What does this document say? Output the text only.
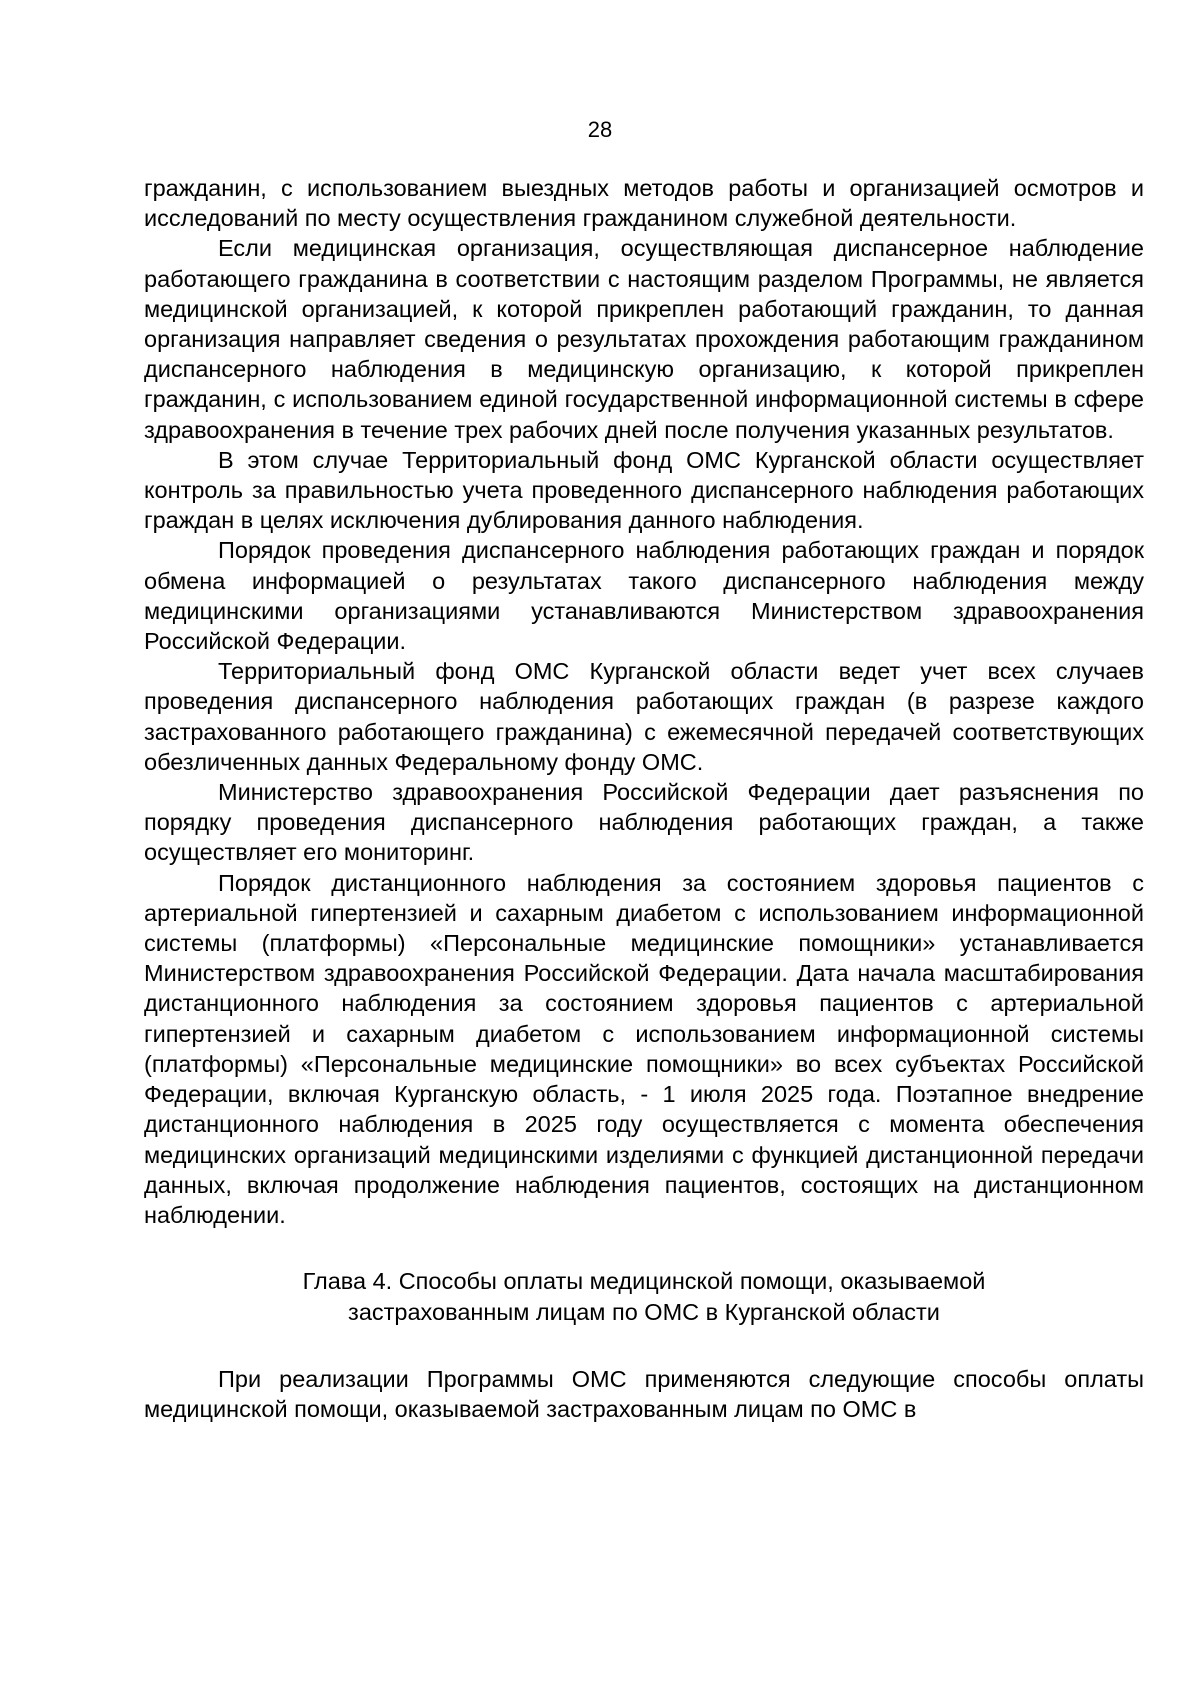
28

гражданин, с использованием выездных методов работы и организацией осмотров и исследований по месту осуществления гражданином служебной деятельности.

Если медицинская организация, осуществляющая диспансерное наблюдение работающего гражданина в соответствии с настоящим разделом Программы, не является медицинской организацией, к которой прикреплен работающий гражданин, то данная организация направляет сведения о результатах прохождения работающим гражданином диспансерного наблюдения в медицинскую организацию, к которой прикреплен гражданин, с использованием единой государственной информационной системы в сфере здравоохранения в течение трех рабочих дней после получения указанных результатов.

В этом случае Территориальный фонд ОМС Курганской области осуществляет контроль за правильностью учета проведенного диспансерного наблюдения работающих граждан в целях исключения дублирования данного наблюдения.

Порядок проведения диспансерного наблюдения работающих граждан и порядок обмена информацией о результатах такого диспансерного наблюдения между медицинскими организациями устанавливаются Министерством здравоохранения Российской Федерации.

Территориальный фонд ОМС Курганской области ведет учет всех случаев проведения диспансерного наблюдения работающих граждан (в разрезе каждого застрахованного работающего гражданина) с ежемесячной передачей соответствующих обезличенных данных Федеральному фонду ОМС.

Министерство здравоохранения Российской Федерации дает разъяснения по порядку проведения диспансерного наблюдения работающих граждан, а также осуществляет его мониторинг.

Порядок дистанционного наблюдения за состоянием здоровья пациентов с артериальной гипертензией и сахарным диабетом с использованием информационной системы (платформы) «Персональные медицинские помощники» устанавливается Министерством здравоохранения Российской Федерации. Дата начала масштабирования дистанционного наблюдения за состоянием здоровья пациентов с артериальной гипертензией и сахарным диабетом с использованием информационной системы (платформы) «Персональные медицинские помощники» во всех субъектах Российской Федерации, включая Курганскую область, - 1 июля 2025 года. Поэтапное внедрение дистанционного наблюдения в 2025 году осуществляется с момента обеспечения медицинских организаций медицинскими изделиями с функцией дистанционной передачи данных, включая продолжение наблюдения пациентов, состоящих на дистанционном наблюдении.

Глава 4. Способы оплаты медицинской помощи, оказываемой
застрахованным лицам по ОМС в Курганской области

При реализации Программы ОМС применяются следующие способы оплаты медицинской помощи, оказываемой застрахованным лицам по ОМС в
